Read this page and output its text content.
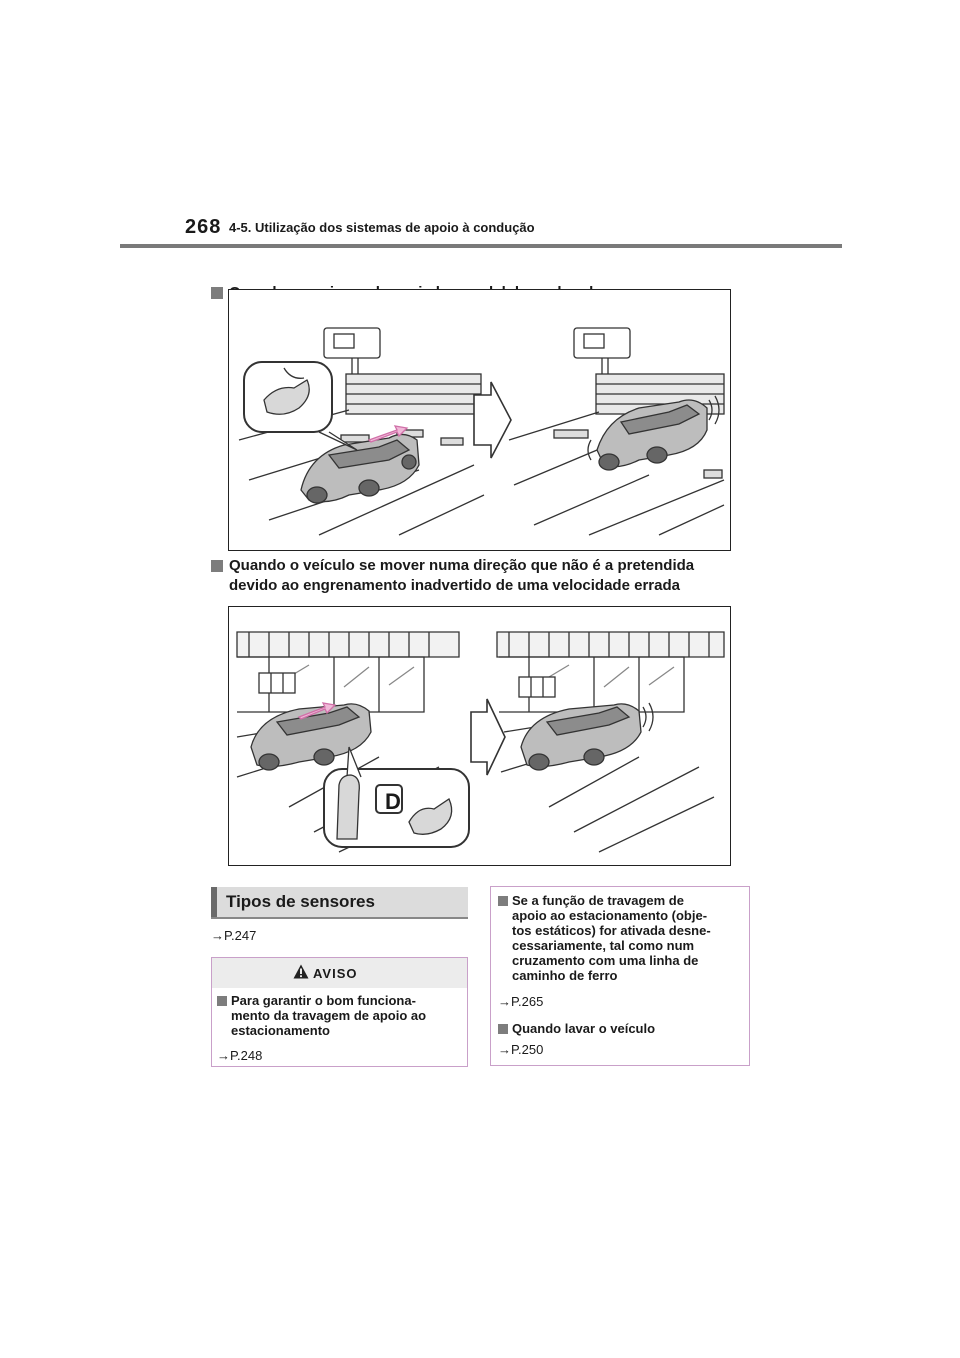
268 4-5. Utilização dos sistemas de apoio à condução
Quando o veículo se mover numa direção que não é a pretendida
devido ao engrenamento inadvertido de uma velocidade errada
D
Tipos de sensores
→P.247
AVISO
Para garantir o bom funciona-
mento da travagem de apoio ao
estacionamento
→P.248
Se a função de travagem de
apoio ao estacionamento (obje-
tos estáticos) for ativada desne-
cessariamente, tal como num
cruzamento com uma linha de
caminho de ferro
→P.265
Quando lavar o veículo
→P.250
